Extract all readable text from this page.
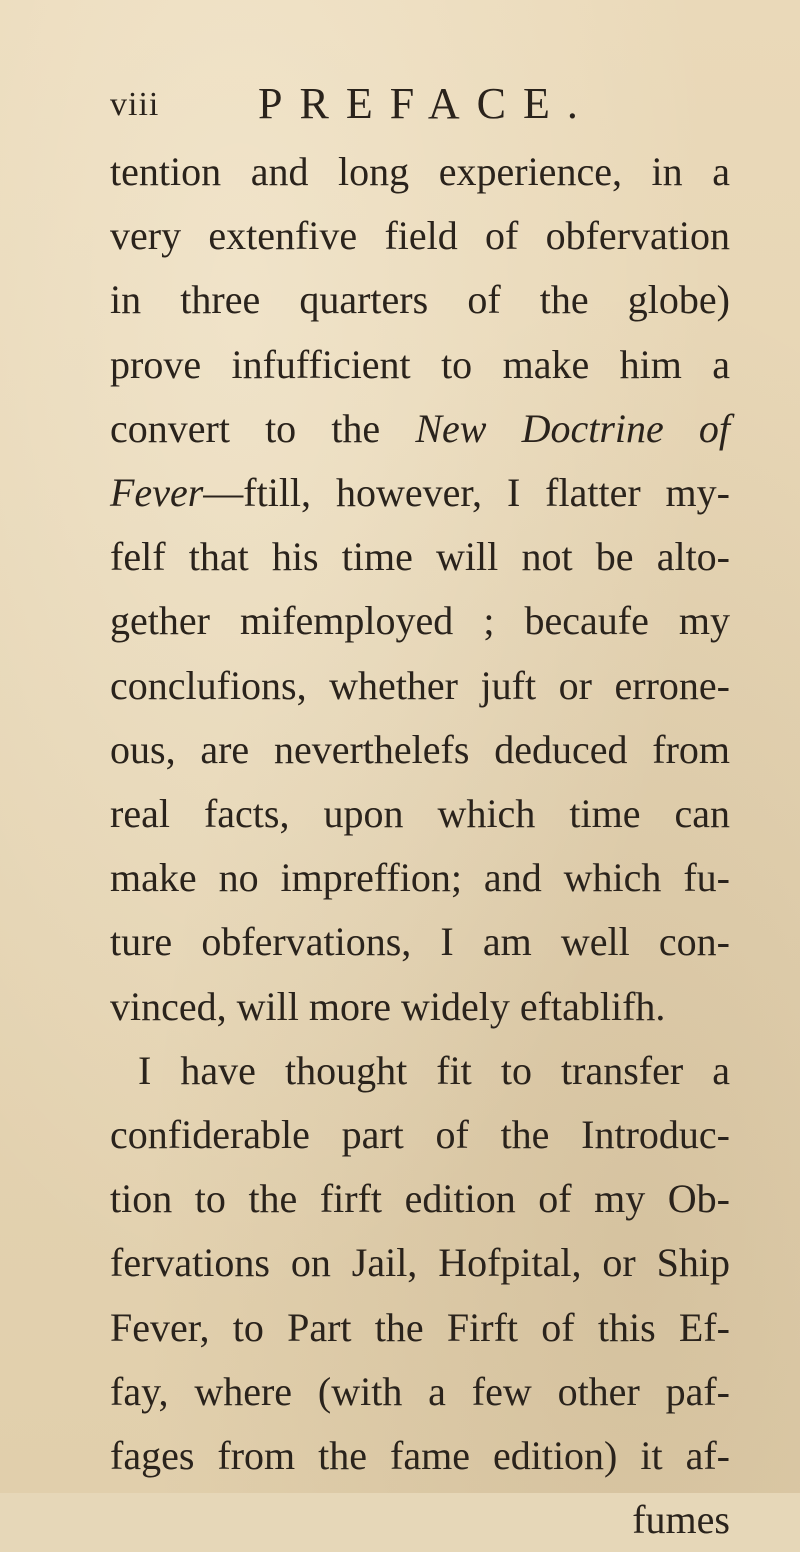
viii PREFACE.
tention and long experience, in a
very extenfive field of obfervation
in three quarters of the globe)
prove infufficient to make him a
convert to the New Doctrine of
Fever—ftill, however, I flatter my-
felf that his time will not be alto-
gether mifemployed ; becaufe my
conclufions, whether juft or errone-
ous, are neverthelefs deduced from
real facts, upon which time can
make no impreffion; and which fu-
ture obfervations, I am well con-
vinced, will more widely eftablifh.
I have thought fit to transfer a
confiderable part of the Introduc-
tion to the firft edition of my Ob-
fervations on Jail, Hofpital, or Ship
Fever, to Part the Firft of this Ef-
fay, where (with a few other paf-
fages from the fame edition) it af-
fumes
